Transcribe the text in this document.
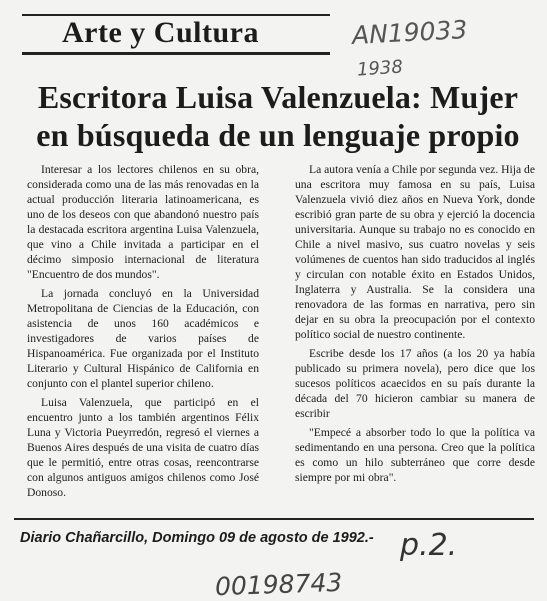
Arte y Cultura	AN19033
1938
Escritora Luisa Valenzuela: Mujer en búsqueda de un lenguaje propio

Interesar a los lectores chilenos en su obra, considerada como una de las más renovadas en la actual producción literaria latinoamericana, es uno de los deseos con que abandonó nuestro país la destacada escritora argentina Luisa Valenzuela, que vino a Chile invitada a participar en el décimo simposio internacional de literatura "Encuentro de dos mundos".

La jornada concluyó en la Universidad Metropolitana de Ciencias de la Educación, con asistencia de unos 160 académicos e investigadores de varios países de Hispanoamérica. Fue organizada por el Instituto Literario y Cultural Hispánico de California en conjunto con el plantel superior chileno.

Luisa Valenzuela, que participó en el encuentro junto a los también argentinos Félix Luna y Victoria Pueyrredón, regresó el viernes a Buenos Aires después de una visita de cuatro días que le permitió, entre otras cosas, reencontrarse con algunos antiguos amigos chilenos como José Donoso.

La autora venía a Chile por segunda vez. Hija de una escritora muy famosa en su país, Luisa Valenzuela vivió diez años en Nueva York, donde escribió gran parte de su obra y ejerció la docencia universitaria. Aunque su trabajo no es conocido en Chile a nivel masivo, sus cuatro novelas y seis volúmenes de cuentos han sido traducidos al inglés y circulan con notable éxito en Estados Unidos, Inglaterra y Australia. Se la considera una renovadora de las formas en narrativa, pero sin dejar en su obra la preocupación por el contexto político social de nuestro continente.

Escribe desde los 17 años (a los 20 ya había publicado su primera novela), pero dice que los sucesos políticos acaecidos en su país durante la década del 70 hicieron cambiar su manera de escribir

"Empecé a absorber todo lo que la política va sedimentando en una persona. Creo que la política es como un hilo subterráneo que corre desde siempre por mi obra".

Diario Chañarcillo, Domingo 09 de agosto de 1992.- p.2.
00198743
